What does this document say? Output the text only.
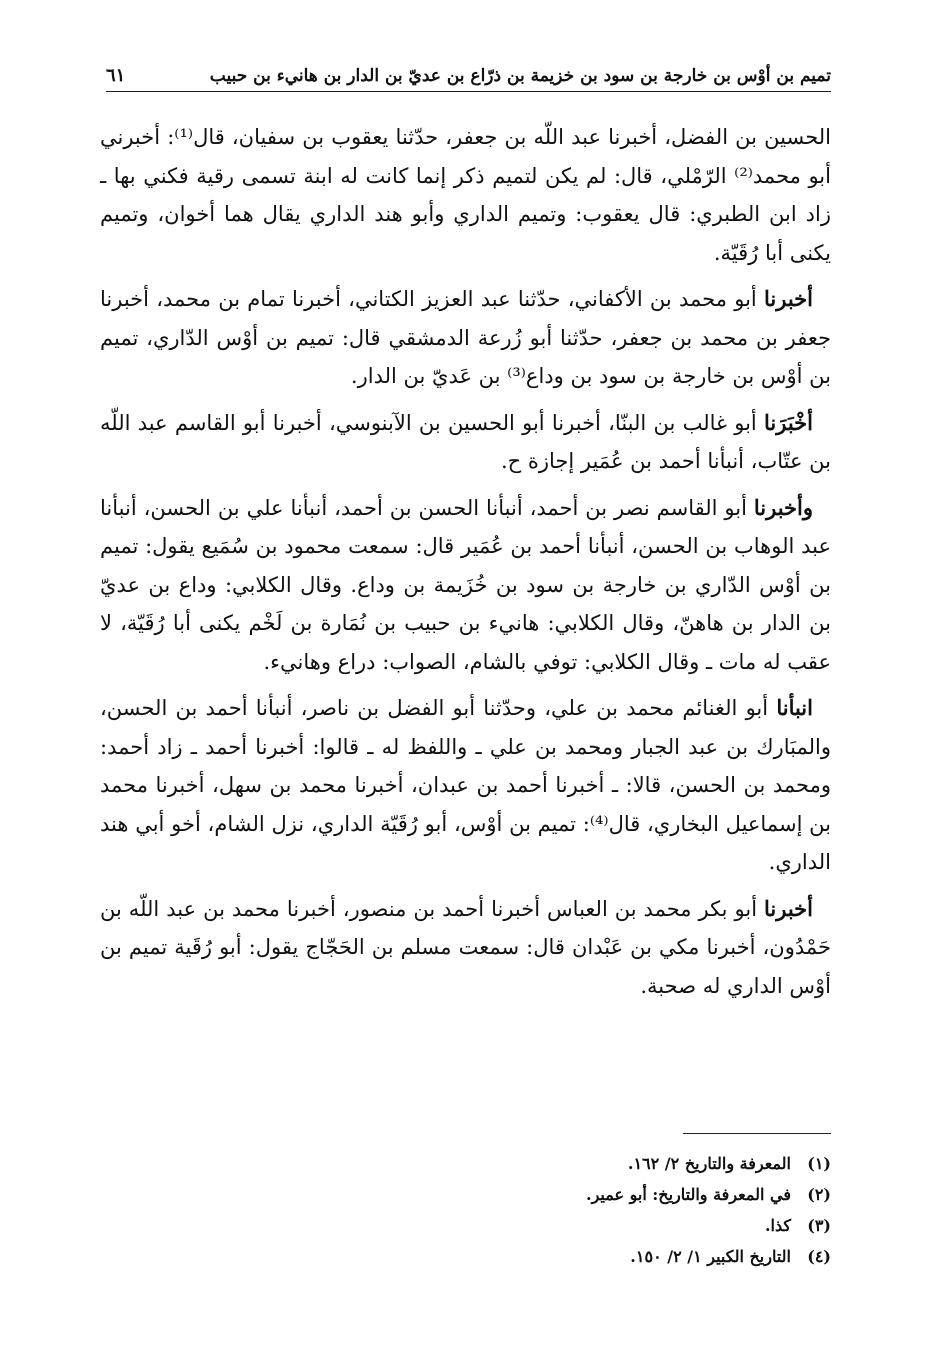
تميم بن أوْس بن خارجة بن سود بن خزيمة بن ذرّاع بن عديّ بن الدار بن هانيء بن حبيب
٦١

الحسين بن الفضل، أخبرنا عبد اللّه بن جعفر، حدّثنا يعقوب بن سفيان، قال⁽¹⁾: أخبرني أبو محمد⁽²⁾ الرّمْلي، قال: لم يكن لتميم ذكر إنما كانت له ابنة تسمى رقية فكني بها ـ زاد ابن الطبري: قال يعقوب: وتميم الداري وأبو هند الداري يقال هما أخوان، وتميم يكنى أبا رُقَيّة.

أخبرنا أبو محمد بن الأكفاني، حدّثنا عبد العزيز الكتاني، أخبرنا تمام بن محمد، أخبرنا جعفر بن محمد بن جعفر، حدّثنا أبو زُرعة الدمشقي قال: تميم بن أوْس الدّاري، تميم بن أوْس بن خارجة بن سود بن وداع⁽³⁾ بن عَديّ بن الدار.

أخْبَرَنا أبو غالب بن البنّا، أخبرنا أبو الحسين بن الآبنوسي، أخبرنا أبو القاسم عبد اللّه بن عتّاب، أنبأنا أحمد بن عُمَير إجازة ح.

وأخبرنا أبو القاسم نصر بن أحمد، أنبأنا الحسن بن أحمد، أنبأنا علي بن الحسن، أنبأنا عبد الوهاب بن الحسن، أنبأنا أحمد بن عُمَير قال: سمعت محمود بن سُمَيع يقول: تميم بن أوْس الدّاري بن خارجة بن سود بن خُزَيمة بن وداع. وقال الكلابي: وداع بن عديّ بن الدار بن هاهنّ، وقال الكلابي: هانيء بن حبيب بن نُمَارة بن لَخْم يكنى أبا رُقَيّة، لا عقب له مات ـ وقال الكلابي: توفي بالشام، الصواب: دراع وهانيء.

انبأنا أبو الغنائم محمد بن علي، وحدّثنا أبو الفضل بن ناصر، أنبأنا أحمد بن الحسن، والمبَارك بن عبد الجبار ومحمد بن علي ـ واللفظ له ـ قالوا: أخبرنا أحمد ـ زاد أحمد: ومحمد بن الحسن، قالا: ـ أخبرنا أحمد بن عبدان، أخبرنا محمد بن سهل، أخبرنا محمد بن إسماعيل البخاري، قال⁽⁴⁾: تميم بن أوْس، أبو رُقَيّة الداري، نزل الشام، أخو أبي هند الداري.

أخبرنا أبو بكر محمد بن العباس أخبرنا أحمد بن منصور، أخبرنا محمد بن عبد اللّه بن حَمْدُون، أخبرنا مكي بن عَبْدان قال: سمعت مسلم بن الحَجّاج يقول: أبو رُقَية تميم بن أوْس الداري له صحبة.

(١)
المعرفة والتاريخ ٢/ ١٦٢.
(٢)
في المعرفة والتاريخ: أبو عمير.
(٣)
كذا.
(٤)
التاريخ الكبير ١/ ٢/ ١٥٠.
